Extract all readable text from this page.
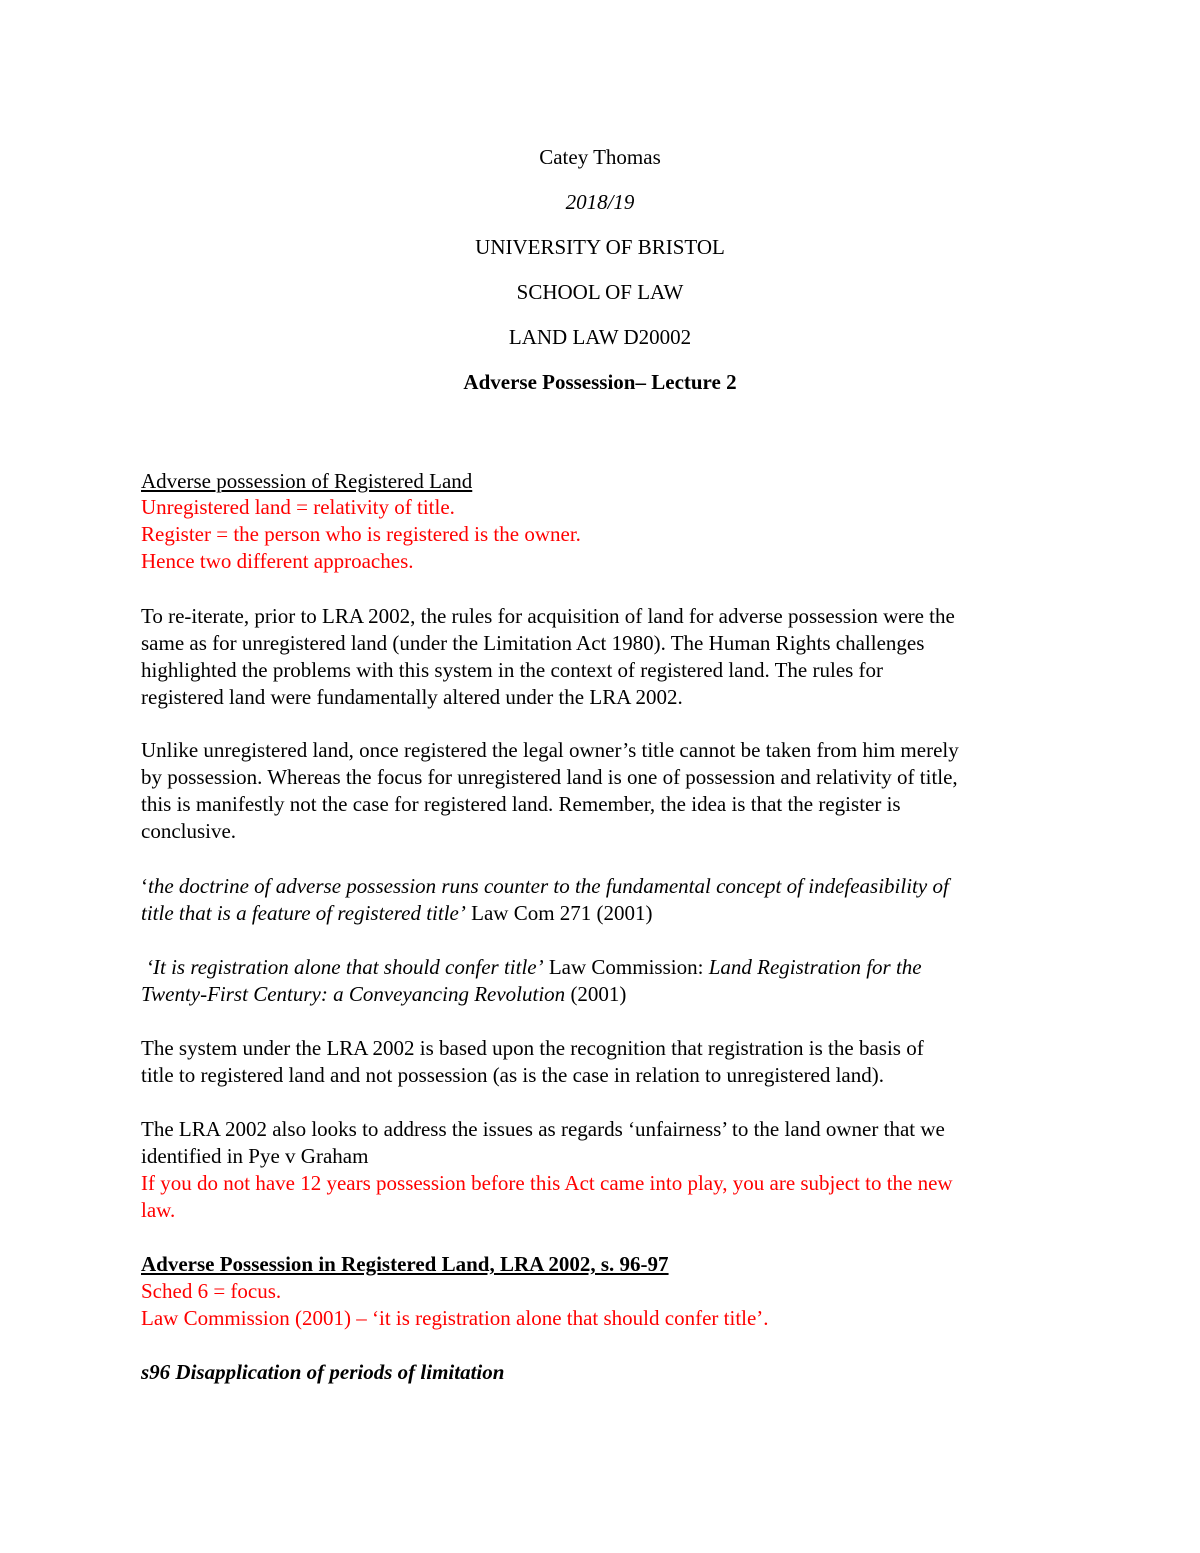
Catey Thomas
2018/19
UNIVERSITY OF BRISTOL
SCHOOL OF LAW
LAND LAW D20002
Adverse Possession– Lecture 2
Adverse possession of Registered Land
Unregistered land = relativity of title.
Register = the person who is registered is the owner.
Hence two different approaches.
To re-iterate, prior to LRA 2002, the rules for acquisition of land for adverse possession were the
same as for unregistered land (under the Limitation Act 1980). The Human Rights challenges
highlighted the problems with this system in the context of registered land. The rules for
registered land were fundamentally altered under the LRA 2002.
Unlike unregistered land, once registered the legal owner’s title cannot be taken from him merely
by possession. Whereas the focus for unregistered land is one of possession and relativity of title,
this is manifestly not the case for registered land. Remember, the idea is that the register is
conclusive.
‘the doctrine of adverse possession runs counter to the fundamental concept of indefeasibility of
title that is a feature of registered title’ Law Com 271 (2001)
‘It is registration alone that should confer title’ Law Commission: Land Registration for the
Twenty-First Century: a Conveyancing Revolution (2001)
The system under the LRA 2002 is based upon the recognition that registration is the basis of
title to registered land and not possession (as is the case in relation to unregistered land).
The LRA 2002 also looks to address the issues as regards ‘unfairness’ to the land owner that we
identified in Pye v Graham
If you do not have 12 years possession before this Act came into play, you are subject to the new
law.
Adverse Possession in Registered Land, LRA 2002, s. 96-97
Sched 6 = focus.
Law Commission (2001) – ‘it is registration alone that should confer title’.
s96 Disapplication of periods of limitation
